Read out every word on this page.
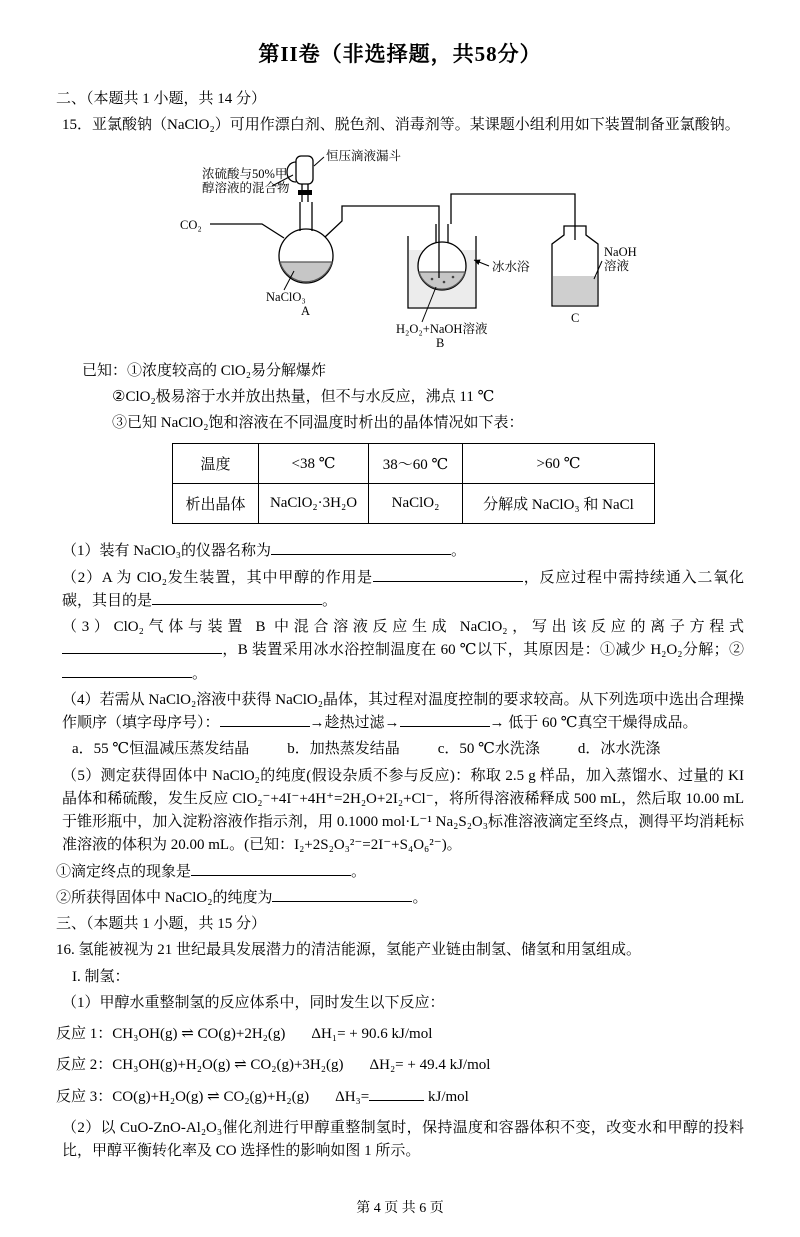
第II卷（非选择题，共58分）

二、（本题共 1 小题，共 14 分）

15．亚氯酸钠（NaClO₂）可用作漂白剂、脱色剂、消毒剂等。某课题小组利用如下装置制备亚氯酸钠。

恒压滴液漏斗
浓硫酸与50%甲
醇溶液的混合物
CO₂
NaClO₃
A
冰水浴
H₂O₂+NaOH溶液
B
NaOH
溶液
C

已知：①浓度较高的 ClO₂易分解爆炸

②ClO₂极易溶于水并放出热量，但不与水反应，沸点 11 ℃

③已知 NaClO₂饱和溶液在不同温度时析出的晶体情况如下表：

温度	<38 ℃	38～60 ℃	>60 ℃
析出晶体	NaClO₂·3H₂O	NaClO₂	分解成 NaClO₃ 和 NaCl

（1）装有 NaClO₃的仪器名称为	。

（2）A 为 ClO₂发生装置，其中甲醇的作用是	，反应过程中需持续通入二氧化碳，其目的是	。

（3）ClO₂气体与装置 B 中混合溶液反应生成 NaClO₂，写出该反应的离子方程式，B 装置采用冰水浴控制温度在 60 ℃以下，其原因是：①减少 H₂O₂分解；②。

（4）若需从 NaClO₂溶液中获得 NaClO₂晶体，其过程对温度控制的要求较高。从下列选项中选出合理操作顺序（填字母序号）：	→趁热过滤→	→ 低于 60 ℃真空干燥得成品。

a．55 ℃恒温减压蒸发结晶	b．加热蒸发结晶	c．50 ℃水洗涤	d．冰水洗涤

（5）测定获得固体中 NaClO₂的纯度(假设杂质不参与反应)：称取 2.5 g 样品，加入蒸馏水、过量的 KI 晶体和稀硫酸，发生反应 ClO₂⁻+4I⁻+4H⁺=2H₂O+2I₂+Cl⁻，将所得溶液稀释成 500 mL，然后取 10.00 mL 于锥形瓶中，加入淀粉溶液作指示剂，用 0.1000 mol·L⁻¹ Na₂S₂O₃标准溶液滴定至终点，测得平均消耗标准溶液的体积为 20.00 mL。(已知：I₂+2S₂O₃²⁻=2I⁻+S₄O₆²⁻)。

①滴定终点的现象是	。

②所获得固体中 NaClO₂的纯度为	。

三、（本题共 1 小题，共 15 分）

16. 氢能被视为 21 世纪最具发展潜力的清洁能源，氢能产业链由制氢、储氢和用氢组成。

I. 制氢：

（1）甲醇水重整制氢的反应体系中，同时发生以下反应：

反应 1：CH₃OH(g) ⇌ CO(g)+2H₂(g) ΔH₁= + 90.6 kJ/mol

反应 2：CH₃OH(g)+H₂O(g) ⇌ CO₂(g)+3H₂(g) ΔH₂= + 49.4 kJ/mol

反应 3：CO(g)+H₂O(g) ⇌ CO₂(g)+H₂(g) ΔH₃=	kJ/mol

（2）以 CuO-ZnO-Al₂O₃催化剂进行甲醇重整制氢时，保持温度和容器体积不变，改变水和甲醇的投料比，甲醇平衡转化率及 CO 选择性的影响如图 1 所示。

第 4 页 共 6 页
